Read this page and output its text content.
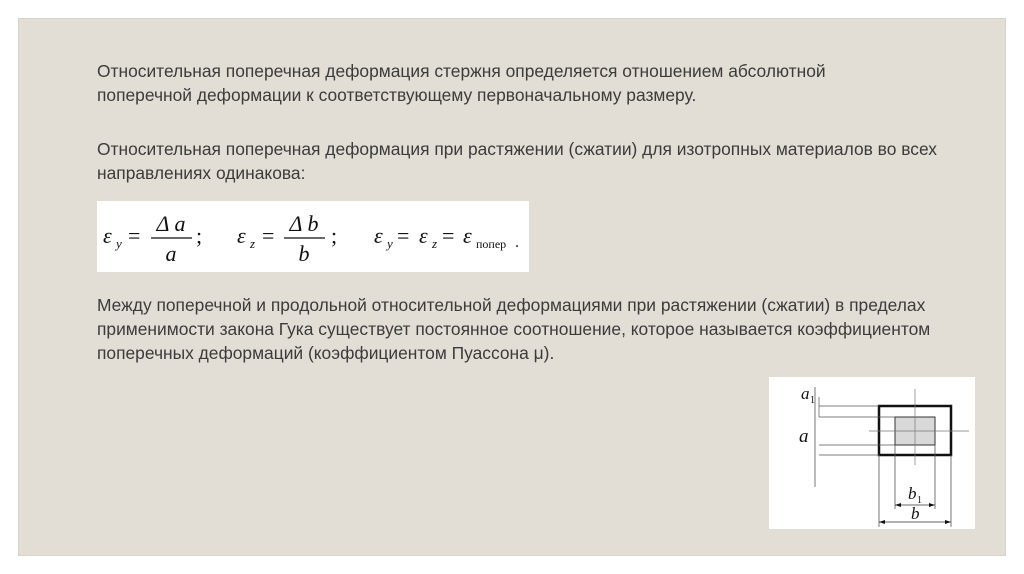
Относительная поперечная деформация стержня определяется отношением абсолютной поперечной деформации к соответствующему первоначальному размеру.

Относительная поперечная деформация при растяжении (сжатии) для изотропных материалов во всех направлениях одинакова:

ε y = Δ a
a
; ε z = Δ b
b
; ε y = ε z = ε попер .

Между поперечной и продольной относительной деформациями при растяжении (сжатии) в пределах применимости закона Гука существует постоянное соотношение, которое называется коэффициентом поперечных деформаций (коэффициентом Пуассона μ).

a 1
a
b 1
b
